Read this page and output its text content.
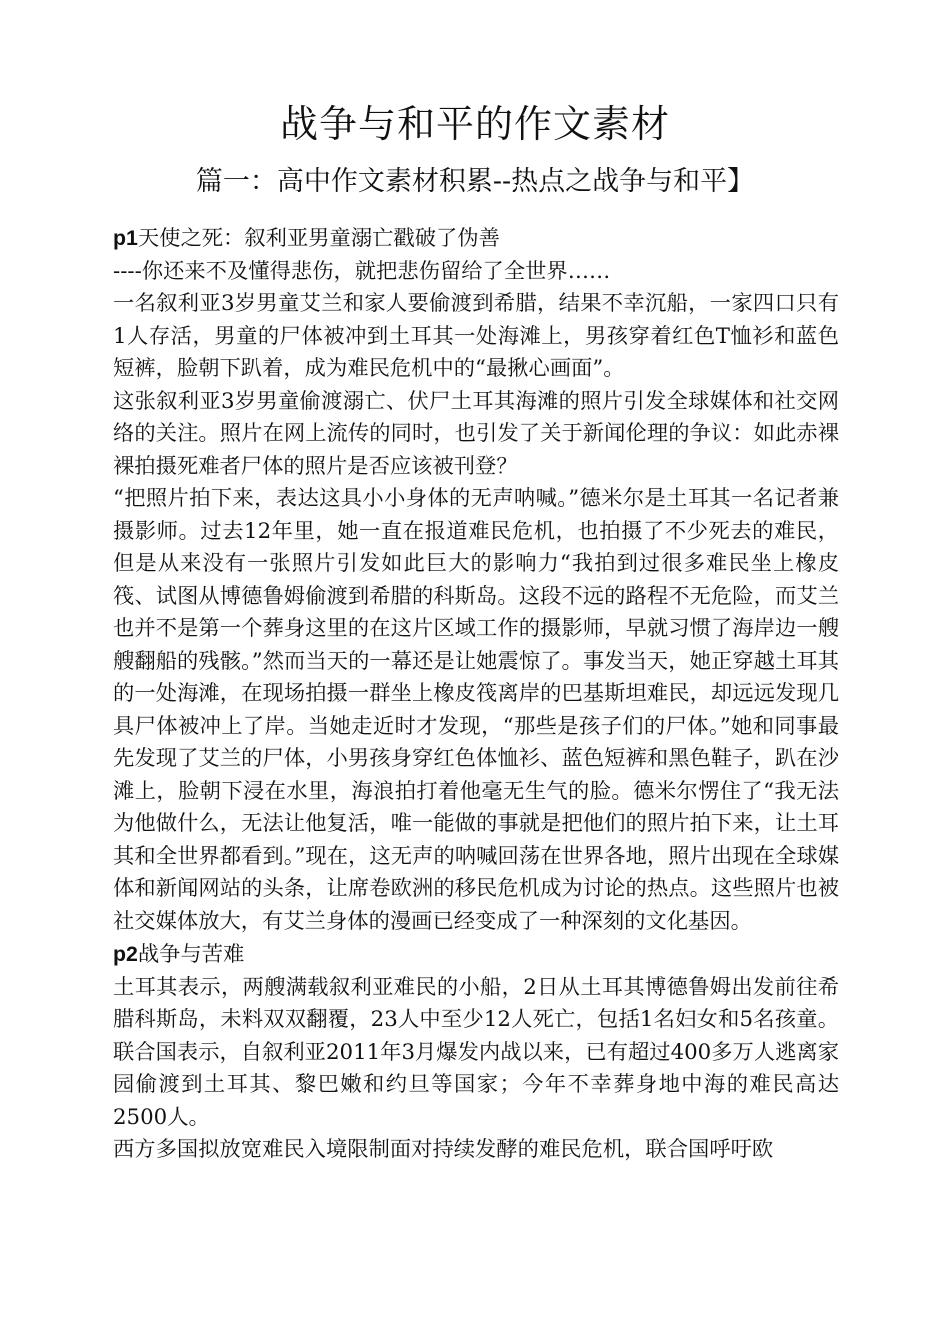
战争与和平的作文素材
篇一：高中作文素材积累--热点之战争与和平】

p1天使之死：叙利亚男童溺亡戳破了伪善

----你还来不及懂得悲伤，就把悲伤留给了全世界……

一名叙利亚3岁男童艾兰和家人要偷渡到希腊，结果不幸沉船，一家四口只有1人存活，男童的尸体被冲到土耳其一处海滩上，男孩穿着红色T恤衫和蓝色短裤，脸朝下趴着，成为难民危机中的“最揪心画面”。

这张叙利亚3岁男童偷渡溺亡、伏尸土耳其海滩的照片引发全球媒体和社交网络的关注。照片在网上流传的同时，也引发了关于新闻伦理的争议：如此赤裸裸拍摄死难者尸体的照片是否应该被刊登？

“把照片拍下来，表达这具小小身体的无声呐喊。”德米尔是土耳其一名记者兼摄影师。过去12年里，她一直在报道难民危机，也拍摄了不少死去的难民，但是从来没有一张照片引发如此巨大的影响力“我拍到过很多难民坐上橡皮筏、试图从博德鲁姆偷渡到希腊的科斯岛。这段不远的路程不无危险，而艾兰也并不是第一个葬身这里的在这片区域工作的摄影师，早就习惯了海岸边一艘艘翻船的残骸。”然而当天的一幕还是让她震惊了。事发当天，她正穿越土耳其的一处海滩，在现场拍摄一群坐上橡皮筏离岸的巴基斯坦难民，却远远发现几具尸体被冲上了岸。当她走近时才发现，“那些是孩子们的尸体。”她和同事最先发现了艾兰的尸体，小男孩身穿红色体恤衫、蓝色短裤和黑色鞋子，趴在沙滩上，脸朝下浸在水里，海浪拍打着他毫无生气的脸。德米尔愣住了“我无法为他做什么，无法让他复活，唯一能做的事就是把他们的照片拍下来，让土耳其和全世界都看到。”现在，这无声的呐喊回荡在世界各地，照片出现在全球媒体和新闻网站的头条，让席卷欧洲的移民危机成为讨论的热点。这些照片也被社交媒体放大，有艾兰身体的漫画已经变成了一种深刻的文化基因。

p2战争与苦难

土耳其表示，两艘满载叙利亚难民的小船，2日从土耳其博德鲁姆出发前往希腊科斯岛，未料双双翻覆，23人中至少12人死亡，包括1名妇女和5名孩童。联合国表示，自叙利亚2011年3月爆发内战以来，已有超过400多万人逃离家园偷渡到土耳其、黎巴嫩和约旦等国家；今年不幸葬身地中海的难民高达2500人。

西方多国拟放宽难民入境限制面对持续发酵的难民危机，联合国呼吁欧
